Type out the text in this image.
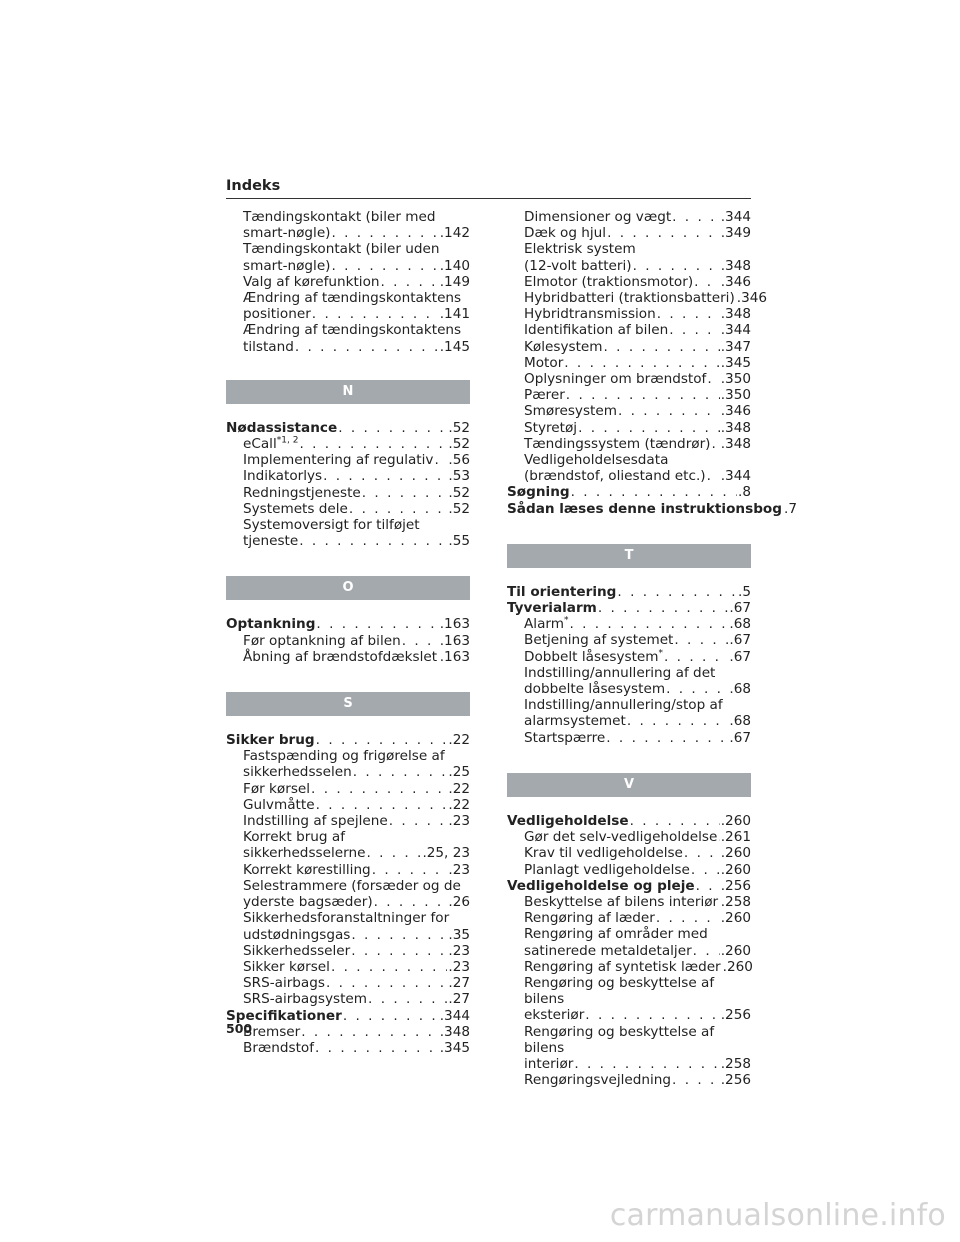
Indeks
Tændingskontakt (biler med
smart-nøgle) . . .	.142
Tændingskontakt (biler uden
smart-nøgle) . . .	.140
Valg af kørefunktion . . .	.149
Ændring af tændingskontaktens
positioner . . .	.141
Ændring af tændingskontaktens
tilstand . . .	.145
N
Nødassistance . . .	.52
eCall$^{*1, 2}$ . . .	.52
Implementering af regulativ . . . .56
Indikatorlys . . .	.53
Redningstjeneste . . .	.52
Systemets dele . . .	.52
Systemoversigt for tilføjet
tjeneste . . .	.55
O
Optankning . . .	.163
Før optankning af bilen . . .	.163
Åbning af brændstofdækslet . . . .163
S
Sikker brug . . .	.22
Fastspænding og frigørelse af
sikkerhedsselen . . .	.25
Før kørsel . . .	.22
Gulvmåtte . . .	.22
Indstilling af spejlene . . .	.23
Korrekt brug af
sikkerhedsselerne . . .	.25, 23
Korrekt kørestilling . . .	.23
Selestrammere (forsæder og de
yderste bagsæder) . . .	.26
Sikkerhedsforanstaltninger for
udstødningsgas . . .	.35
Sikkerhedsseler . . .	.23
Sikker kørsel . . .	.23
SRS-airbags . . .	.27
SRS-airbagsystem . . .	.27
Specifikationer . . .	.344
Bremser . . .	.348
Brændstof . . .	.345
Dimensioner og vægt . . .	.344
Dæk og hjul . . .	.349
Elektrisk system
(12-volt batteri) . . .	.348
Elmotor (traktionsmotor) . . . .346
Hybridbatteri (traktionsbatteri) .346
Hybridtransmission . . .	.348
Identifikation af bilen . . .	.344
Kølesystem . . .	.347
Motor . . .	.345
Oplysninger om brændstof . . . .350
Pærer . . .	.350
Smøresystem . . .	.346
Styretøj . . .	.348
Tændingssystem (tændrør) . . . .348
Vedligeholdelsesdata
(brændstof, oliestand etc.) . . . .344
Søgning . . .	.8
Sådan læses denne instruktionsbog .7
T
Til orientering . . .	.5
Tyverialarm . . .	.67
Alarm* . . .	.68
Betjening af systemet . . .	.67
Dobbelt låsesystem* . . .	.67
Indstilling/annullering af det
dobbelte låsesystem . . .	.68
Indstilling/annullering/stop af
alarmsystemet . . .	.68
Startspærre . . .	.67
V
Vedligeholdelse . . .	.260
Gør det selv-vedligeholdelse . . . .261
Krav til vedligeholdelse . . .	.260
Planlagt vedligeholdelse . . . .260
Vedligeholdelse og pleje . . . .256
Beskyttelse af bilens interiør . . . .258
Rengøring af læder . . .	.260
Rengøring af områder med
satinerede metaldetaljer . . . .260
Rengøring af syntetisk læder .260
Rengøring og beskyttelse af bilens
eksteriør . . .	.256
Rengøring og beskyttelse af bilens
interiør . . .	.258
Rengøringsvejledning . . .	.256
500
carmanualsonline.info
